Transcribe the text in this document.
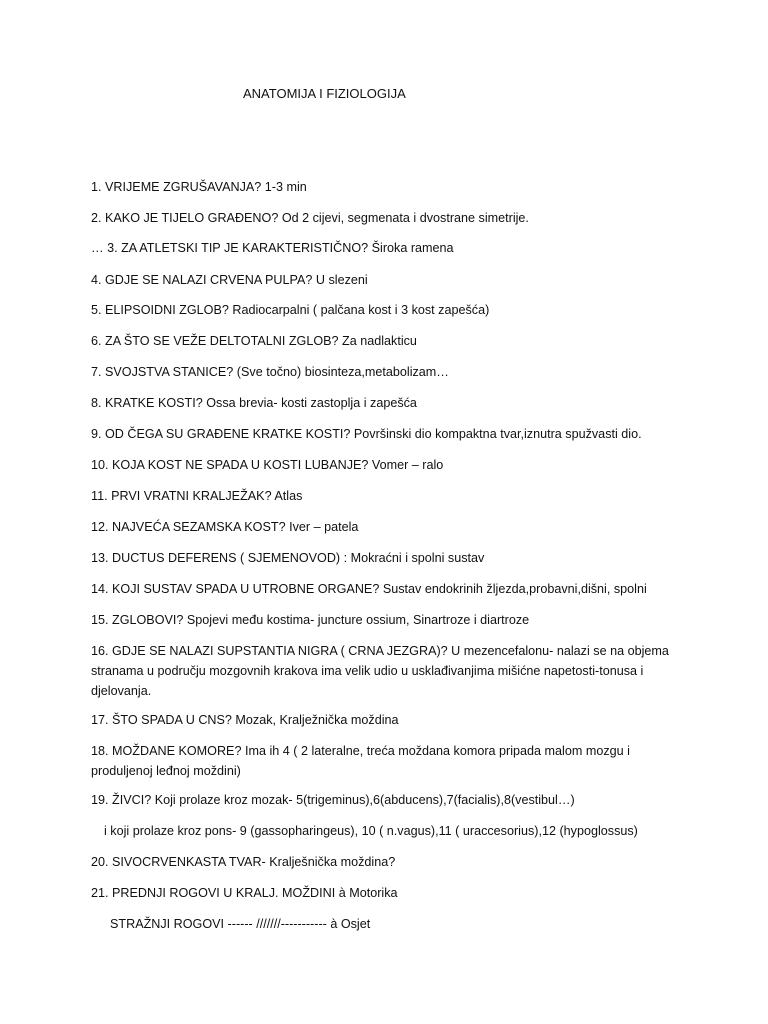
ANATOMIJA I FIZIOLOGIJA
1. VRIJEME ZGRUŠAVANJA? 1-3 min
2. KAKO JE TIJELO GRAĐENO? Od 2 cijevi, segmenata i dvostrane simetrije.
… 3. ZA ATLETSKI TIP JE KARAKTERISTIČNO? Široka ramena
4. GDJE SE NALAZI CRVENA PULPA? U slezeni
5. ELIPSOIDNI ZGLOB? Radiocarpalni ( palčana kost i 3 kost zapešća)
6. ZA ŠTO SE VEŽE DELTOTALNI ZGLOB? Za nadlakticu
7. SVOJSTVA STANICE? (Sve točno) biosinteza,metabolizam…
8. KRATKE KOSTI? Ossa brevia- kosti zastoplja i zapešća
9. OD ČEGA SU GRAĐENE KRATKE KOSTI? Površinski dio kompaktna tvar,iznutra spužvasti dio.
10. KOJA KOST NE SPADA U KOSTI LUBANJE? Vomer – ralo
11. PRVI VRATNI KRALJEŽAK? Atlas
12. NAJVEĆA SEZAMSKA KOST? Iver – patela
13. DUCTUS DEFERENS ( SJEMENOVOD) : Mokraćni i spolni sustav
14. KOJI SUSTAV SPADA U UTROBNE ORGANE? Sustav endokrinih žljezda,probavni,dišni, spolni
15. ZGLOBOVI? Spojevi među kostima- juncture ossium, Sinartroze i diartroze
16. GDJE SE NALAZI SUPSTANTIA NIGRA ( CRNA JEZGRA)? U mezencefalonu- nalazi se na objema stranama u području mozgovnih krakova ima velik udio u usklađivanjima mišićne napetosti-tonusa i djelovanja.
17. ŠTO SPADA U CNS? Mozak, Kralježnička moždina
18. MOŽDANE KOMORE? Ima ih 4 ( 2 lateralne, treća moždana komora pripada malom mozgu i produljenoj leđnoj moždini)
19. ŽIVCI? Koji prolaze kroz mozak- 5(trigeminus),6(abducens),7(facialis),8(vestibul…)
i koji prolaze kroz pons- 9 (gassopharingeus), 10 ( n.vagus),11 ( uraccesorius),12 (hypoglossus)
20. SIVOCRVENKASTA TVAR- Kralješnička moždina?
21. PREDNJI ROGOVI U KRALJ. MOŽDINI à Motorika
STRAŽNJI ROGOVI ------ ///////----------- à Osjet
